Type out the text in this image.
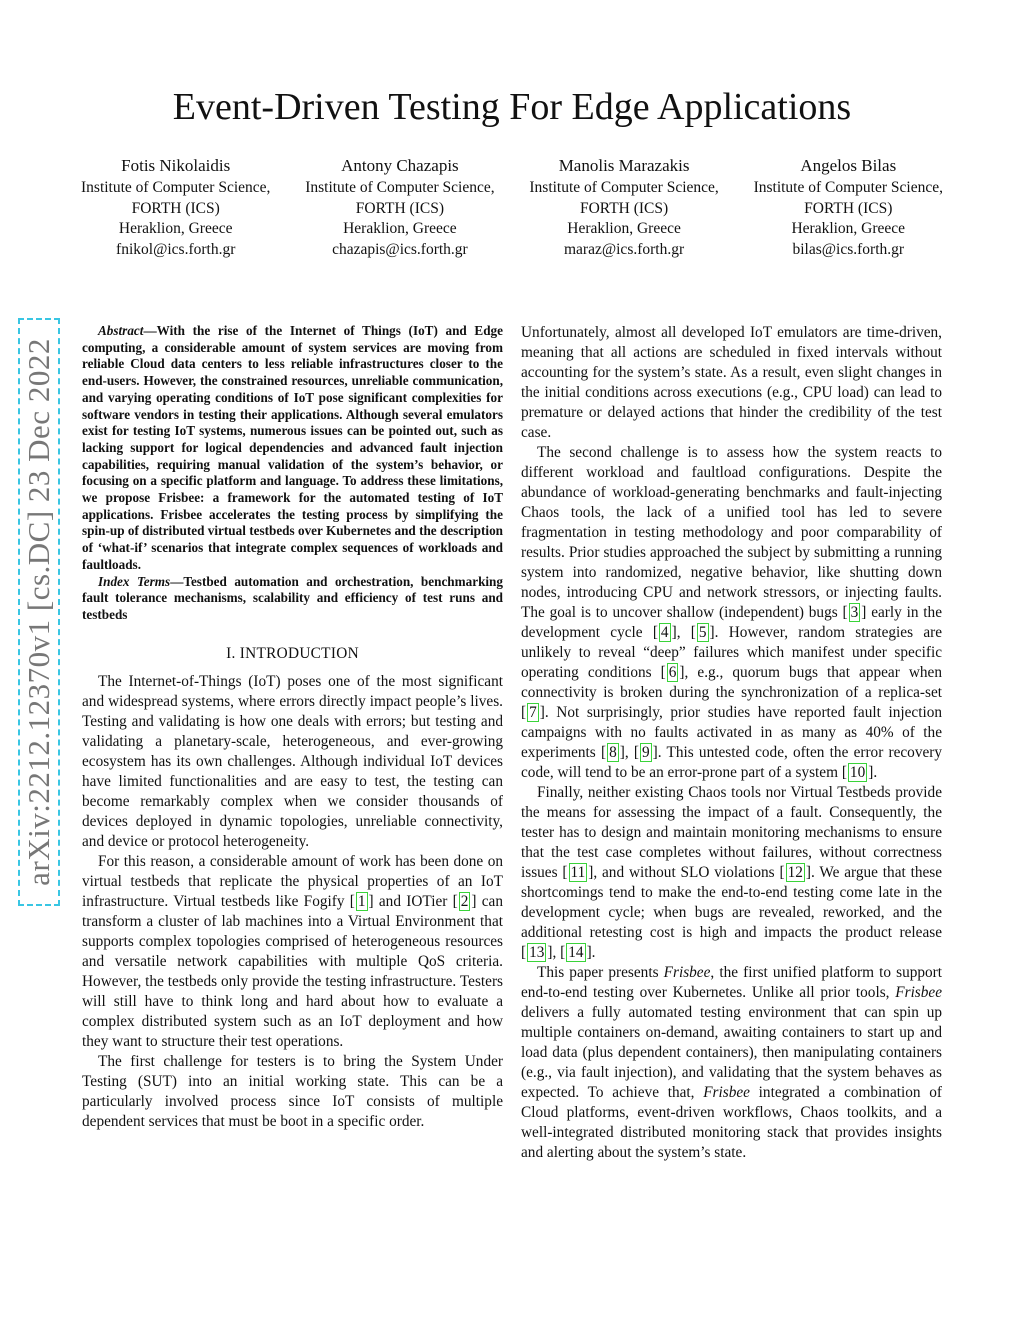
Event-Driven Testing For Edge Applications
Fotis Nikolaidis
Institute of Computer Science,
FORTH (ICS)
Heraklion, Greece
fnikol@ics.forth.gr
Antony Chazapis
Institute of Computer Science,
FORTH (ICS)
Heraklion, Greece
chazapis@ics.forth.gr
Manolis Marazakis
Institute of Computer Science,
FORTH (ICS)
Heraklion, Greece
maraz@ics.forth.gr
Angelos Bilas
Institute of Computer Science,
FORTH (ICS)
Heraklion, Greece
bilas@ics.forth.gr
arXiv:2212.12370v1 [cs.DC] 23 Dec 2022

Abstract—With the rise of the Internet of Things (IoT) and Edge computing, a considerable amount of system services are moving from reliable Cloud data centers to less reliable infrastructures closer to the end-users. However, the constrained resources, unreliable communication, and varying operating conditions of IoT pose significant complexities for software vendors in testing their applications. Although several emulators exist for testing IoT systems, numerous issues can be pointed out, such as lacking support for logical dependencies and advanced fault injection capabilities, requiring manual validation of the system’s behavior, or focusing on a specific platform and language. To address these limitations, we propose Frisbee: a framework for the automated testing of IoT applications. Frisbee accelerates the testing process by simplifying the spin-up of distributed virtual testbeds over Kubernetes and the description of ‘what-if’ scenarios that integrate complex sequences of workloads and faultloads.

Index Terms—Testbed automation and orchestration, benchmarking fault tolerance mechanisms, scalability and efficiency of test runs and testbeds

I. INTRODUCTION

The Internet-of-Things (IoT) poses one of the most significant and widespread systems, where errors directly impact people’s lives. Testing and validating is how one deals with errors; but testing and validating a planetary-scale, heterogeneous, and ever-growing ecosystem has its own challenges. Although individual IoT devices have limited functionalities and are easy to test, the testing can become remarkably complex when we consider thousands of devices deployed in dynamic topologies, unreliable connectivity, and device or protocol heterogeneity.

For this reason, a considerable amount of work has been done on virtual testbeds that replicate the physical properties of an IoT infrastructure. Virtual testbeds like Fogify [ 1 ] and IOTier [ 2 ] can transform a cluster of lab machines into a Virtual Environment that supports complex topologies comprised of heterogeneous resources and versatile network capabilities with multiple QoS criteria. However, the testbeds only provide the testing infrastructure. Testers will still have to think long and hard about how to evaluate a complex distributed system such as an IoT deployment and how they want to structure their test operations.

The first challenge for testers is to bring the System Under Testing (SUT) into an initial working state. This can be a particularly involved process since IoT consists of multiple dependent services that must be boot in a specific order.

Unfortunately, almost all developed IoT emulators are time-driven, meaning that all actions are scheduled in fixed intervals without accounting for the system’s state. As a result, even slight changes in the initial conditions across executions (e.g., CPU load) can lead to premature or delayed actions that hinder the credibility of the test case.

The second challenge is to assess how the system reacts to different workload and faultload configurations. Despite the abundance of workload-generating benchmarks and fault-injecting Chaos tools, the lack of a unified tool has led to severe fragmentation in testing methodology and poor comparability of results. Prior studies approached the subject by submitting a running system into randomized, negative behavior, like shutting down nodes, introducing CPU and network stressors, or injecting faults. The goal is to uncover shallow (independent) bugs [ 3 ] early in the development cycle [ 4 ], [ 5 ]. However, random strategies are unlikely to reveal “deep” failures which manifest under specific operating conditions [ 6 ], e.g., quorum bugs that appear when connectivity is broken during the synchronization of a replica-set [ 7 ]. Not surprisingly, prior studies have reported fault injection campaigns with no faults activated in as many as 40% of the experiments [ 8 ], [ 9 ]. This untested code, often the error recovery code, will tend to be an error-prone part of a system [ 10 ].

Finally, neither existing Chaos tools nor Virtual Testbeds provide the means for assessing the impact of a fault. Consequently, the tester has to design and maintain monitoring mechanisms to ensure that the test case completes without failures, without correctness issues [ 11 ], and without SLO violations [ 12 ]. We argue that these shortcomings tend to make the end-to-end testing come late in the development cycle; when bugs are revealed, reworked, and the additional retesting cost is high and impacts the product release [ 13 ], [ 14 ].

This paper presents Frisbee, the first unified platform to support end-to-end testing over Kubernetes. Unlike all prior tools, Frisbee delivers a fully automated testing environment that can spin up multiple containers on-demand, awaiting containers to start up and load data (plus dependent containers), then manipulating containers (e.g., via fault injection), and validating that the system behaves as expected. To achieve that, Frisbee integrated a combination of Cloud platforms, event-driven workflows, Chaos toolkits, and a well-integrated distributed monitoring stack that provides insights and alerting about the system’s state.
